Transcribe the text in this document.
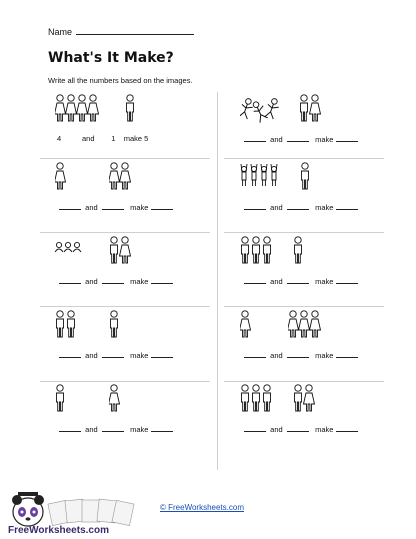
Name
What's It Make?
Write all the numbers based on the images.
4	and 1 make 5	and	make
and	make	and	make
and	make	and	make
and	make	and	make
and	make	and	make
FreeWorksheets.com
© FreeWorksheets.com
